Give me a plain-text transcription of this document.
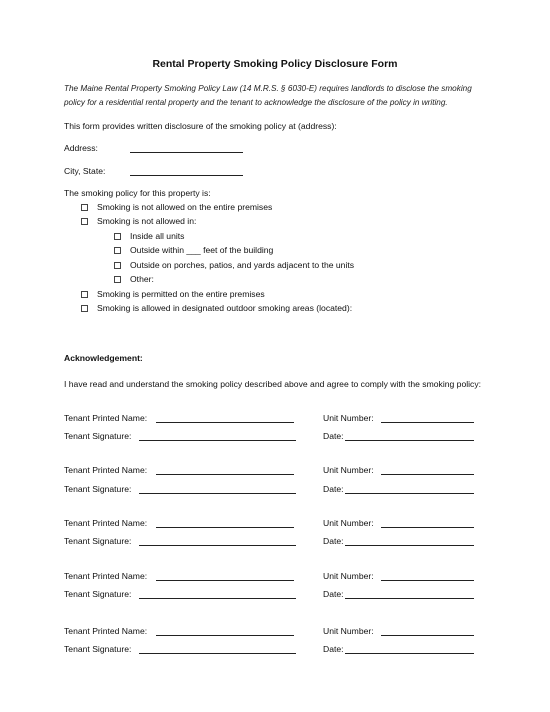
Rental Property Smoking Policy Disclosure Form
The Maine Rental Property Smoking Policy Law (14 M.R.S. § 6030-E) requires landlords to disclose the smoking policy for a residential rental property and the tenant to acknowledge the disclosure of the policy in writing.
This form provides written disclosure of the smoking policy at (address):
Address:
City, State:
The smoking policy for this property is:
Smoking is not allowed on the entire premises
Smoking is not allowed in:
Inside all units
Outside within ___ feet of the building
Outside on porches, patios, and yards adjacent to the units
Other:
Smoking is permitted on the entire premises
Smoking is allowed in designated outdoor smoking areas (located):
Acknowledgement:
I have read and understand the smoking policy described above and agree to comply with the smoking policy:
Tenant Printed Name:	Unit Number:
Tenant Signature:	Date:
Tenant Printed Name:	Unit Number:
Tenant Signature:	Date:
Tenant Printed Name:	Unit Number:
Tenant Signature:	Date:
Tenant Printed Name:	Unit Number:
Tenant Signature:	Date:
Tenant Printed Name:	Unit Number:
Tenant Signature:	Date:
